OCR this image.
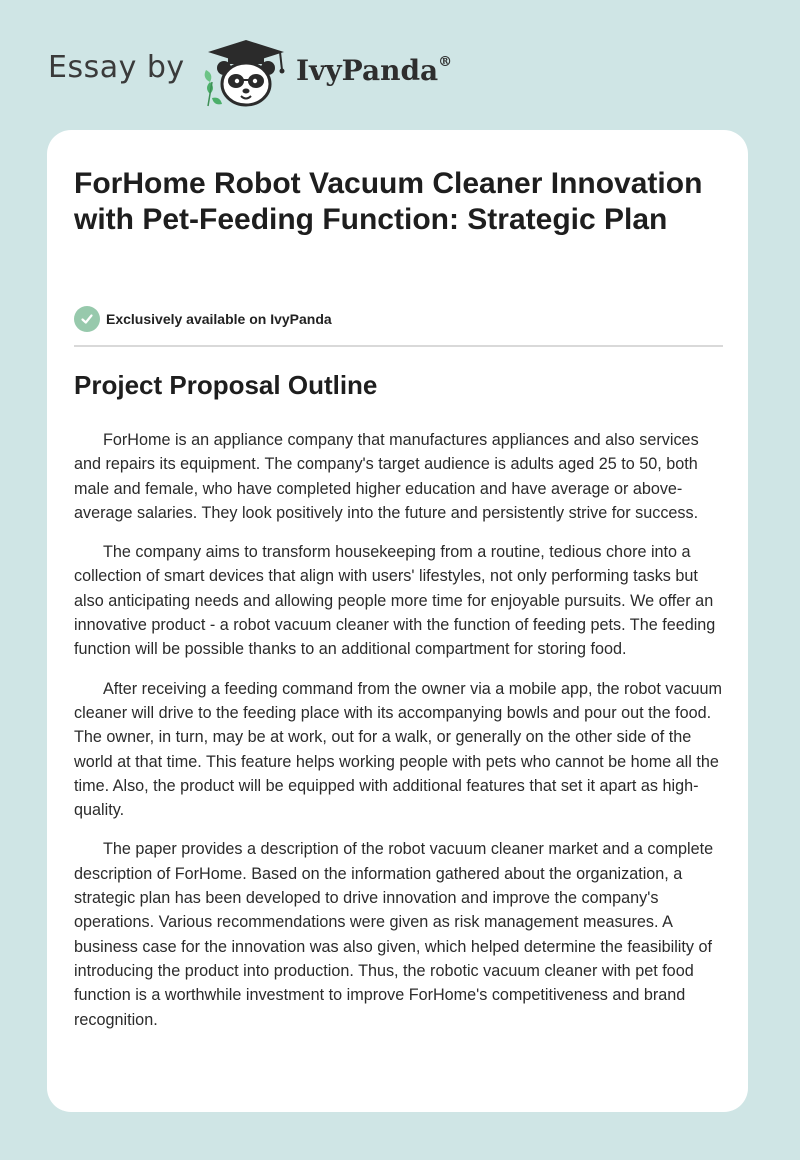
Essay by	IvyPanda®
ForHome Robot Vacuum Cleaner Innovation with Pet-Feeding Function: Strategic Plan
Exclusively available on IvyPanda
Project Proposal Outline

ForHome is an appliance company that manufactures appliances and also services and repairs its equipment. The company's target audience is adults aged 25 to 50, both male and female, who have completed higher education and have average or above-average salaries. They look positively into the future and persistently strive for success.

The company aims to transform housekeeping from a routine, tedious chore into a collection of smart devices that align with users' lifestyles, not only performing tasks but also anticipating needs and allowing people more time for enjoyable pursuits. We offer an innovative product - a robot vacuum cleaner with the function of feeding pets. The feeding function will be possible thanks to an additional compartment for storing food.

After receiving a feeding command from the owner via a mobile app, the robot vacuum cleaner will drive to the feeding place with its accompanying bowls and pour out the food. The owner, in turn, may be at work, out for a walk, or generally on the other side of the world at that time. This feature helps working people with pets who cannot be home all the time. Also, the product will be equipped with additional features that set it apart as high-quality.

The paper provides a description of the robot vacuum cleaner market and a complete description of ForHome. Based on the information gathered about the organization, a strategic plan has been developed to drive innovation and improve the company's operations. Various recommendations were given as risk management measures. A business case for the innovation was also given, which helped determine the feasibility of introducing the product into production. Thus, the robotic vacuum cleaner with pet food function is a worthwhile investment to improve ForHome's competitiveness and brand recognition.
